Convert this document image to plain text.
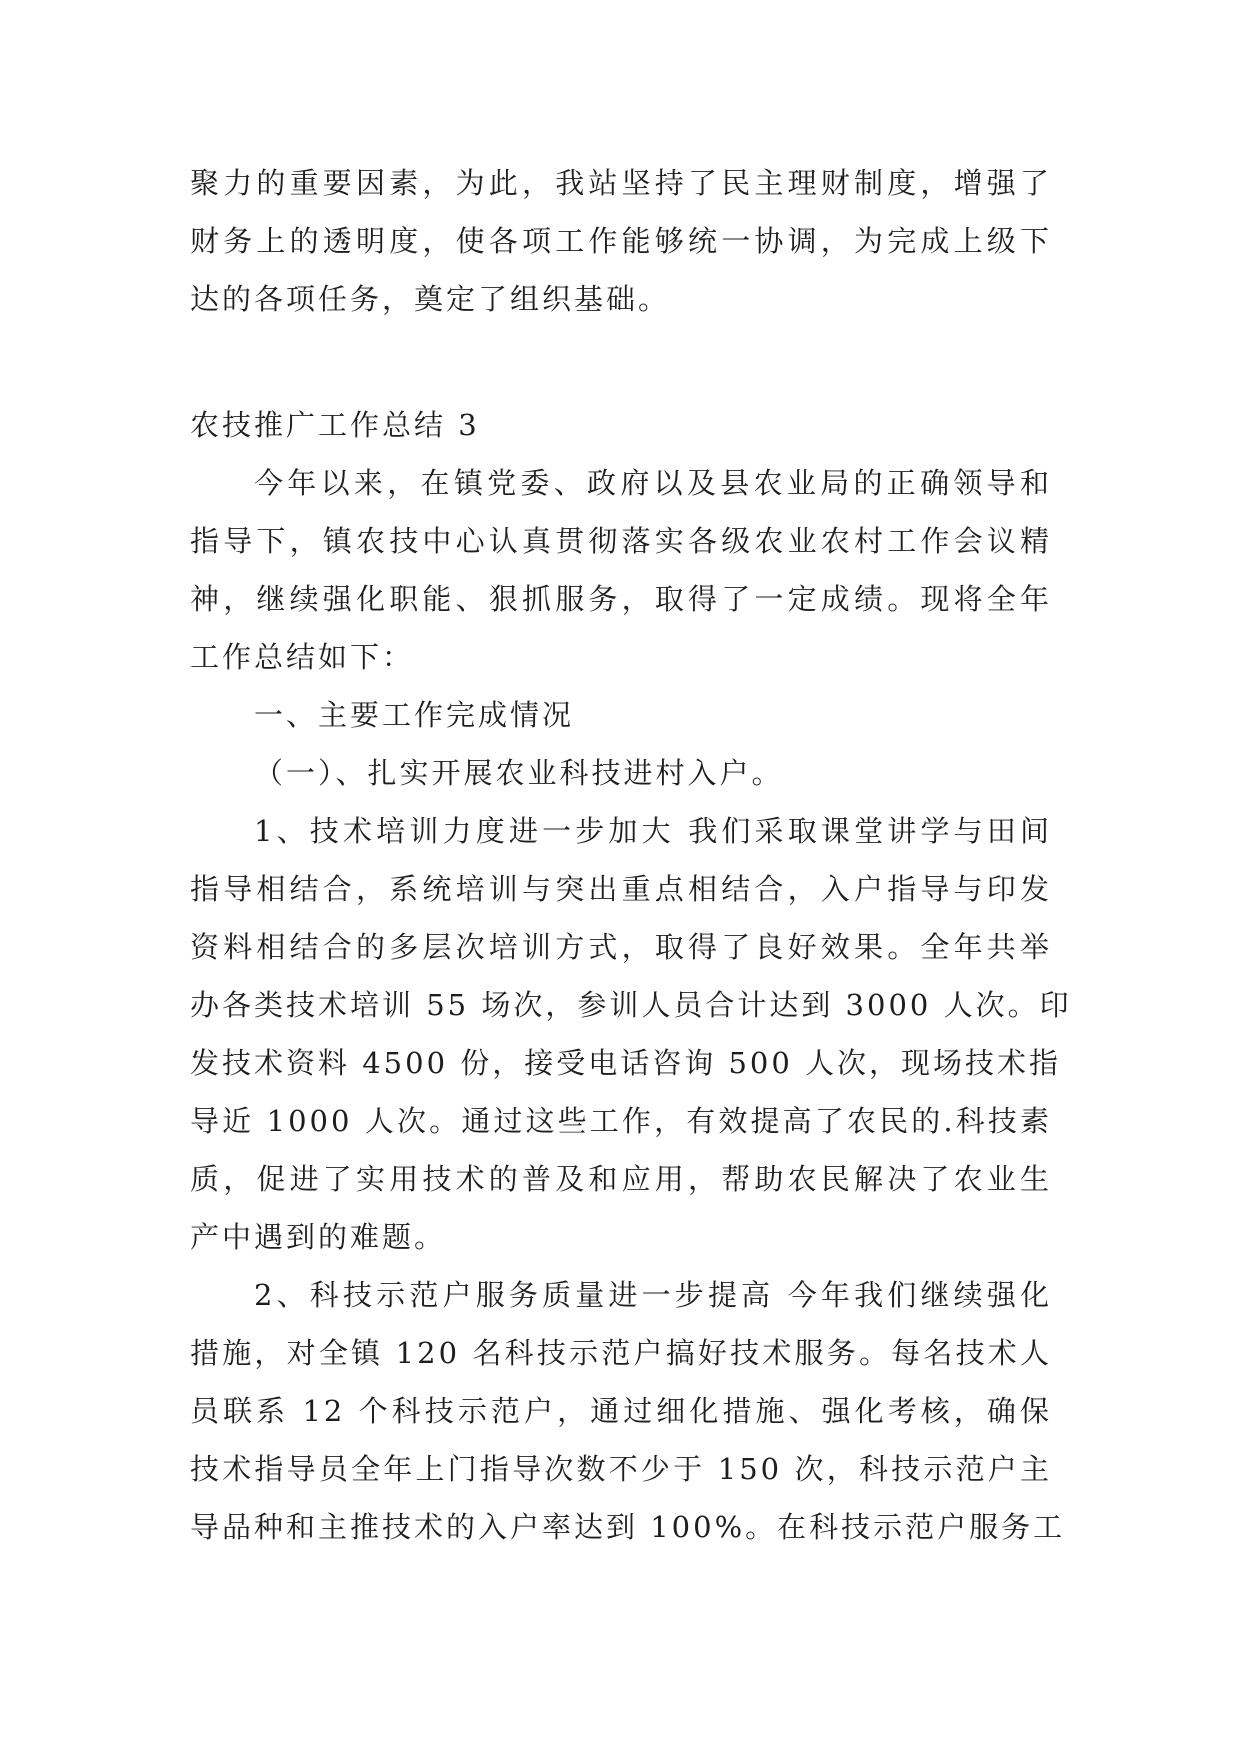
聚力的重要因素，为此，我站坚持了民主理财制度，增强了
财务上的透明度，使各项工作能够统一协调，为完成上级下
达的各项任务，奠定了组织基础。
农技推广工作总结 3
今年以来，在镇党委、政府以及县农业局的正确领导和
指导下，镇农技中心认真贯彻落实各级农业农村工作会议精
神，继续强化职能、狠抓服务，取得了一定成绩。现将全年
工作总结如下：
一、主要工作完成情况
（一）、扎实开展农业科技进村入户。
1、技术培训力度进一步加大 我们采取课堂讲学与田间
指导相结合，系统培训与突出重点相结合，入户指导与印发
资料相结合的多层次培训方式，取得了良好效果。全年共举
办各类技术培训 55 场次，参训人员合计达到 3000 人次。印
发技术资料 4500 份，接受电话咨询 500 人次，现场技术指
导近 1000 人次。通过这些工作，有效提高了农民的.科技素
质，促进了实用技术的普及和应用，帮助农民解决了农业生
产中遇到的难题。
2、科技示范户服务质量进一步提高 今年我们继续强化
措施，对全镇 120 名科技示范户搞好技术服务。每名技术人
员联系 12 个科技示范户，通过细化措施、强化考核，确保
技术指导员全年上门指导次数不少于 150 次，科技示范户主
导品种和主推技术的入户率达到 100%。在科技示范户服务工
